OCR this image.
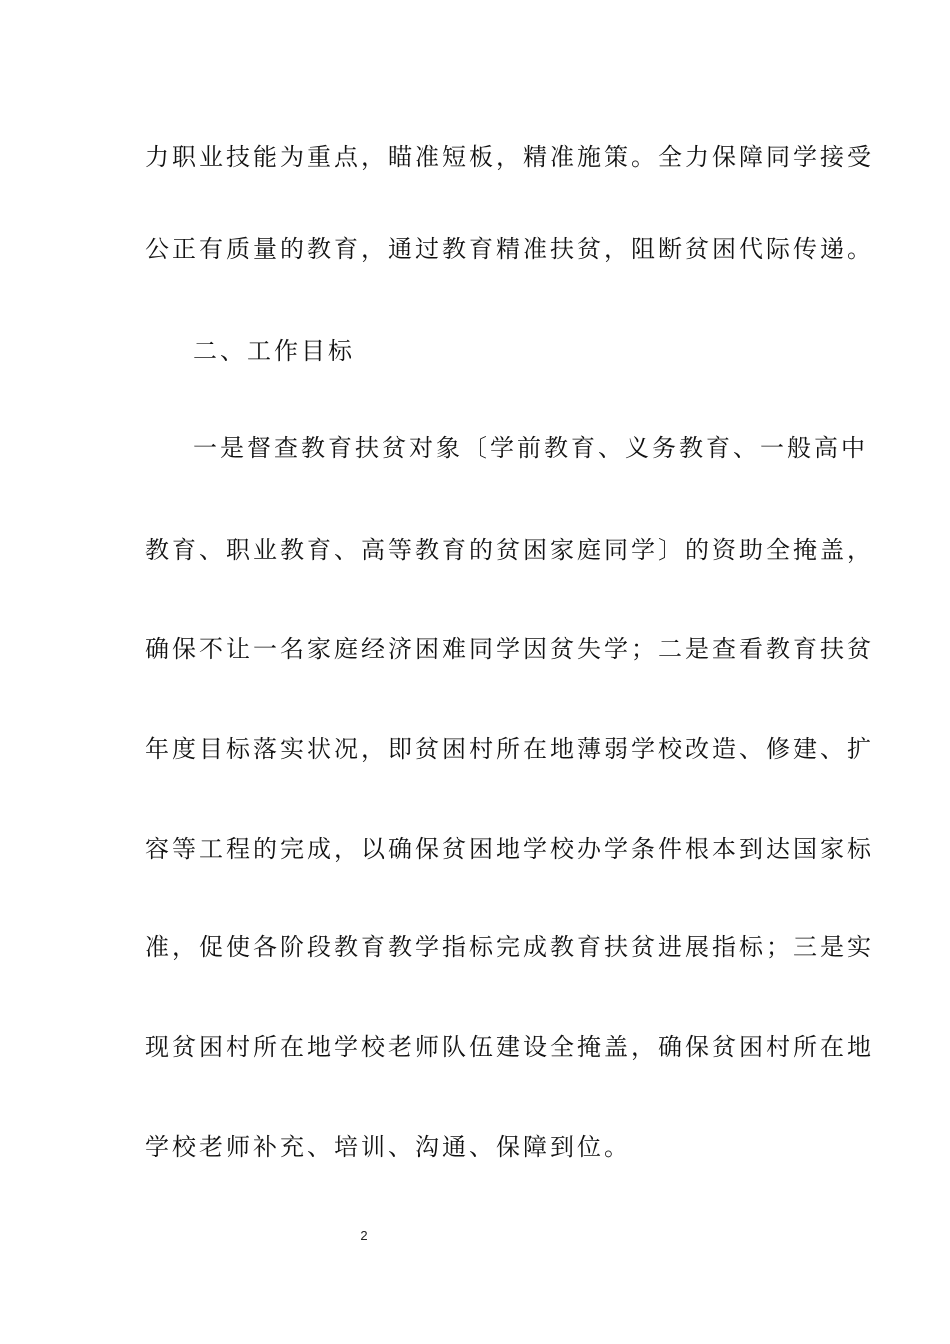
力职业技能为重点，瞄准短板，精准施策。全力保障同学接受
公正有质量的教育，通过教育精准扶贫，阻断贫困代际传递。
二、工作目标
一是督查教育扶贫对象〔学前教育、义务教育、一般高中
教育、职业教育、高等教育的贫困家庭同学〕的资助全掩盖，
确保不让一名家庭经济困难同学因贫失学；二是查看教育扶贫
年度目标落实状况，即贫困村所在地薄弱学校改造、修建、扩
容等工程的完成，以确保贫困地学校办学条件根本到达国家标
准，促使各阶段教育教学指标完成教育扶贫进展指标；三是实
现贫困村所在地学校老师队伍建设全掩盖，确保贫困村所在地
学校老师补充、培训、沟通、保障到位。
2
